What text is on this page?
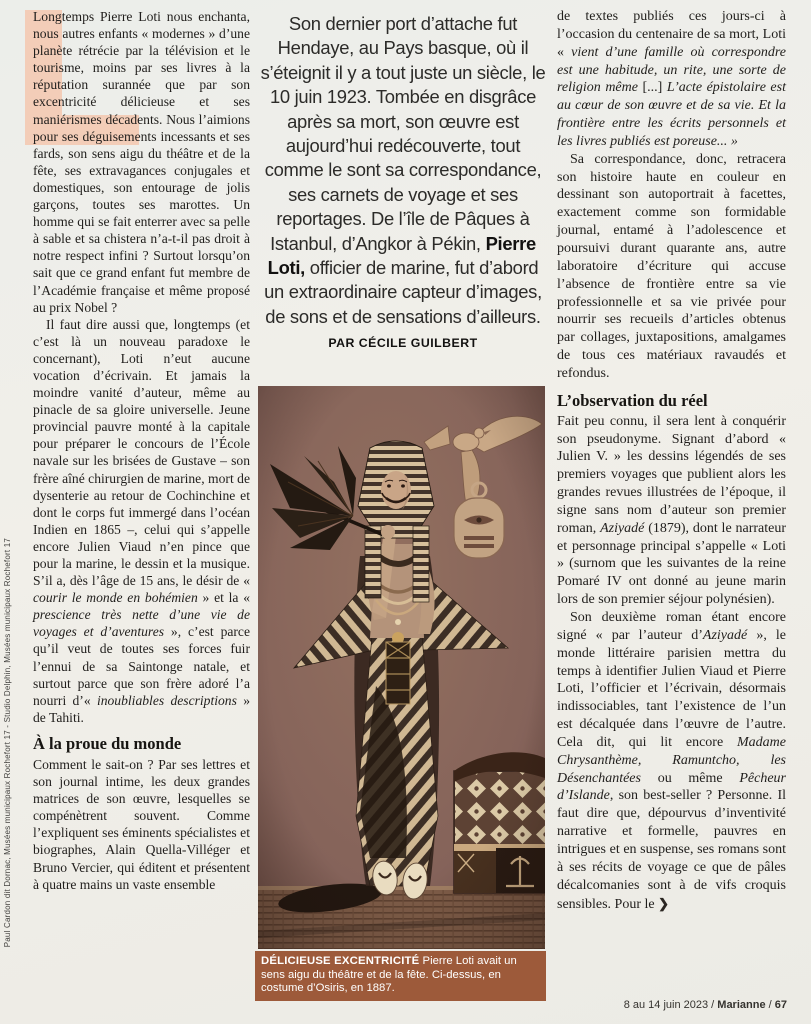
Paul Cardon dit Dornac, Musées municipaux Rochefort 17 - Studio Delphin, Musées municipaux Rochefort 17

Longtemps Pierre Loti nous enchanta, nous autres enfants « modernes » d’une planète rétrécie par la télévision et le tourisme, moins par ses livres à la réputation surannée que par son excentricité délicieuse et ses maniérismes décadents. Nous l’aimions pour ses déguisements incessants et ses fards, son sens aigu du théâtre et de la fête, ses extravagances conjugales et domestiques, son entourage de jolis garçons, toutes ses marottes. Un homme qui se fait enterrer avec sa pelle à sable et sa chistera n’a-t-il pas droit à notre respect infini ? Surtout lorsqu’on sait que ce grand enfant fut membre de l’Académie française et même proposé au prix Nobel ?

Il faut dire aussi que, longtemps (et c’est là un nouveau paradoxe le concernant), Loti n’eut aucune vocation d’écrivain. Et jamais la moindre vanité d’auteur, même au pinacle de sa gloire universelle. Jeune provincial pauvre monté à la capitale pour préparer le concours de l’École navale sur les brisées de Gustave – son frère aîné chirurgien de marine, mort de dysenterie au retour de Cochinchine et dont le corps fut immergé dans l’océan Indien en 1865 –, celui qui s’appelle encore Julien Viaud n’en pince que pour la marine, le dessin et la musique. S’il a, dès l’âge de 15 ans, le désir de « courir le monde en bohémien » et la « prescience très nette d’une vie de voyages et d’aventures », c’est parce qu’il veut de toutes ses forces fuir l’ennui de sa Saintonge natale, et surtout parce que son frère adoré l’a nourri d’« inoubliables descriptions » de Tahiti.

À la proue du monde

Comment le sait-on ? Par ses lettres et son journal intime, les deux grandes matrices de son œuvre, lesquelles se compénètrent souvent. Comme l’expliquent ses éminents spécialistes et biographes, Alain Quella-Villéger et Bruno Vercier, qui éditent et présentent à quatre mains un vaste ensemble

Son dernier port d’attache fut Hendaye, au Pays basque, où il s’éteignit il y a tout juste un siècle, le 10 juin 1923. Tombée en disgrâce après sa mort, son œuvre est aujourd’hui redécouverte, tout comme le sont sa correspondance, ses carnets de voyage et ses reportages. De l’île de Pâques à Istanbul, d’Angkor à Pékin, Pierre Loti, officier de marine, fut d’abord un extraordinaire capteur d’images, de sons et de sensations d’ailleurs. PAR CÉCILE GUILBERT
DÉLICIEUSE EXCENTRICITÉ Pierre Loti avait un sens aigu du théâtre et de la fête. Ci-dessus, en costume d’Osiris, en 1887.

de textes publiés ces jours-ci à l’occasion du centenaire de sa mort, Loti « vient d’une famille où correspondre est une habitude, un rite, une sorte de religion même [...] L’acte épistolaire est au cœur de son œuvre et de sa vie. Et la frontière entre les écrits personnels et les livres publiés est poreuse... »

Sa correspondance, donc, retracera son histoire haute en couleur en dessinant son autoportrait à facettes, exactement comme son formidable journal, entamé à l’adolescence et poursuivi durant quarante ans, autre laboratoire d’écriture qui accuse l’absence de frontière entre sa vie professionnelle et sa vie privée pour nourrir ses recueils d’articles obtenus par collages, juxtapositions, amalgames de tous ces matériaux ravaudés et refondus.

L’observation du réel

Fait peu connu, il sera lent à conquérir son pseudonyme. Signant d’abord « Julien V. » les dessins légendés de ses premiers voyages que publient alors les grandes revues illustrées de l’époque, il signe sans nom d’auteur son premier roman, Aziyadé (1879), dont le narrateur et personnage principal s’appelle « Loti » (surnom que les suivantes de la reine Pomaré IV ont donné au jeune marin lors de son premier séjour polynésien).

Son deuxième roman étant encore signé « par l’auteur d’Aziyadé », le monde littéraire parisien mettra du temps à identifier Julien Viaud et Pierre Loti, l’officier et l’écrivain, désormais indissociables, tant l’existence de l’un est décalquée dans l’œuvre de l’autre. Cela dit, qui lit encore Madame Chrysanthème, Ramuntcho, les Désenchantées ou même Pêcheur d’Islande, son best-seller ? Personne. Il faut dire que, dépourvus d’inventivité narrative et formelle, pauvres en intrigues et en suspense, ses romans sont à ses récits de voyage ce que de pâles décalcomanies sont à de vifs croquis sensibles. Pour le ❯

8 au 14 juin 2023 / Marianne / 67
